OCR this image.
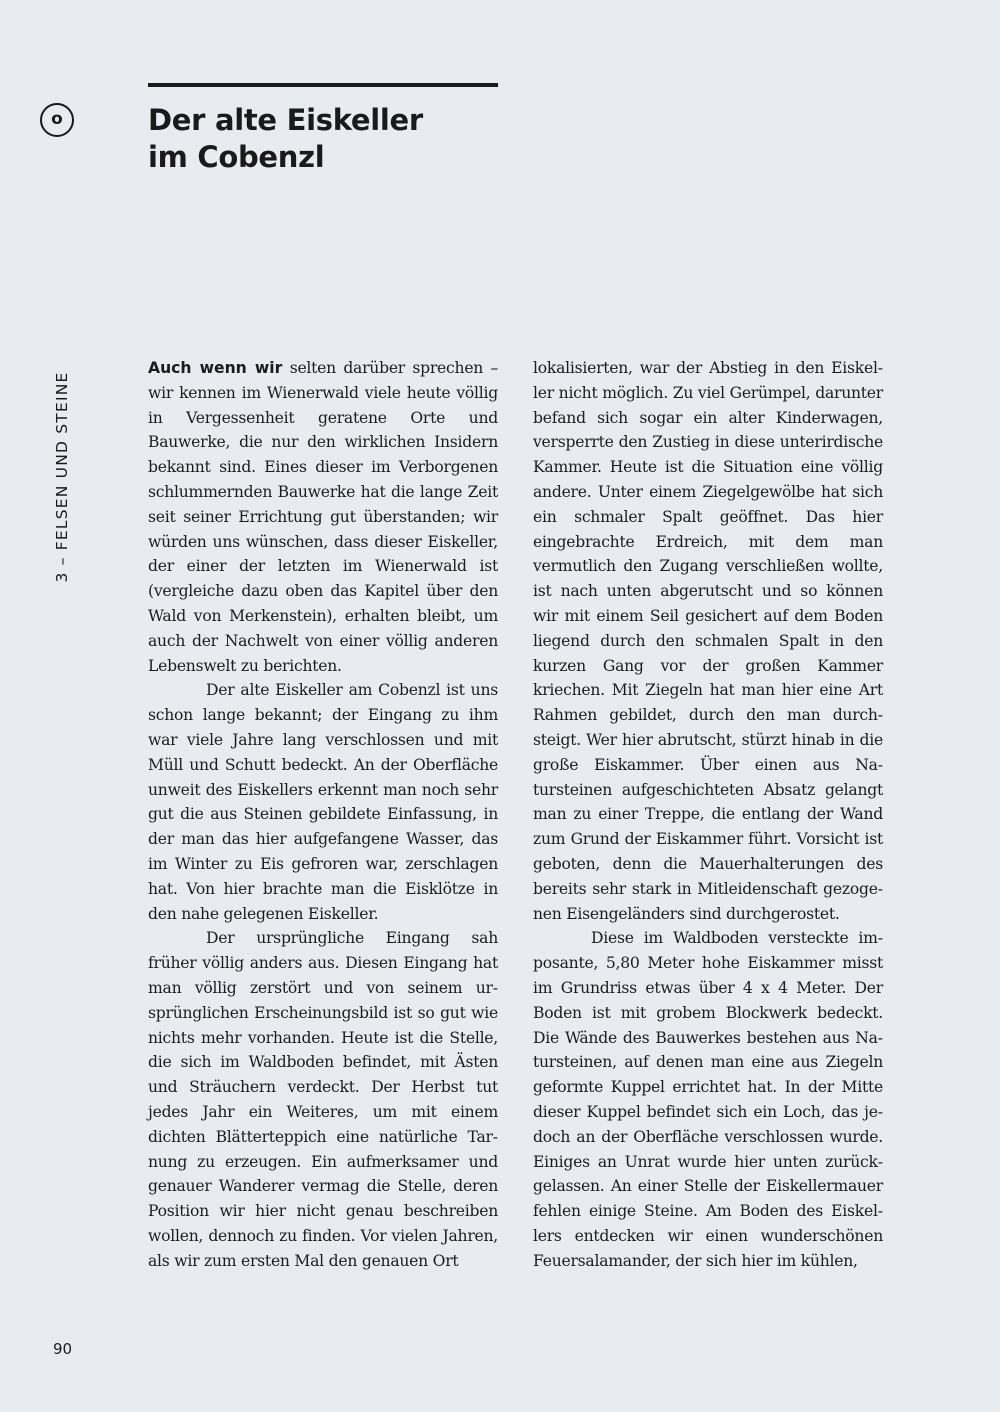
o	Der alte Eiskeller
im Cobenzl
3 – FELSEN UND STEINE

Auch wenn wir selten darüber sprechen – wir kennen im Wienerwald viele heute völlig in Vergessenheit geratene Orte und Bauwerke, die nur den wirklichen Insidern bekannt sind. Eines dieser im Verborgenen schlummernden Bauwerke hat die lange Zeit seit seiner Errichtung gut überstanden; wir würden uns wünschen, dass dieser Eiskeller, der einer der letzten im Wienerwald ist (vergleiche dazu oben das Kapitel über den Wald von Merkenstein), erhalten bleibt, um auch der Nachwelt von einer völlig anderen Lebenswelt zu berichten.

Der alte Eiskeller am Cobenzl ist uns schon lange bekannt; der Eingang zu ihm war viele Jahre lang verschlossen und mit Müll und Schutt bedeckt. An der Oberfläche unweit des Eiskellers erkennt man noch sehr gut die aus Steinen gebildete Einfassung, in der man das hier aufgefangene Wasser, das im Winter zu Eis gefroren war, zerschlagen hat. Von hier brachte man die Eisklötze in den nahe gelegenen Eiskeller.

Der ursprüngliche Eingang sah früher völlig anders aus. Diesen Eingang hat man völlig zerstört und von seinem ursprünglichen Erscheinungsbild ist so gut wie nichts mehr vorhanden. Heute ist die Stelle, die sich im Waldboden befindet, mit Ästen und Sträuchern verdeckt. Der Herbst tut jedes Jahr ein Weiteres, um mit einem dichten Blätterteppich eine natürliche Tarnung zu erzeugen. Ein aufmerksamer und genauer Wanderer vermag die Stelle, deren Position wir hier nicht genau beschreiben wollen, dennoch zu finden. Vor vielen Jahren, als wir zum ersten Mal den genauen Ort

lokalisierten, war der Abstieg in den Eiskeller nicht möglich. Zu viel Gerümpel, darunter befand sich sogar ein alter Kinderwagen, versperrte den Zustieg in diese unterirdische Kammer. Heute ist die Situation eine völlig andere. Unter einem Ziegelgewölbe hat sich ein schmaler Spalt geöffnet. Das hier eingebrachte Erdreich, mit dem man vermutlich den Zugang verschließen wollte, ist nach unten abgerutscht und so können wir mit einem Seil gesichert auf dem Boden liegend durch den schmalen Spalt in den kurzen Gang vor der großen Kammer kriechen. Mit Ziegeln hat man hier eine Art Rahmen gebildet, durch den man durchsteigt. Wer hier abrutscht, stürzt hinab in die große Eiskammer. Über einen aus Natursteinen aufgeschichteten Absatz gelangt man zu einer Treppe, die entlang der Wand zum Grund der Eiskammer führt. Vorsicht ist geboten, denn die Mauerhalterungen des bereits sehr stark in Mitleidenschaft gezogenen Eisengeländers sind durchgerostet.

Diese im Waldboden versteckte imposante, 5,80 Meter hohe Eiskammer misst im Grundriss etwas über 4 x 4 Meter. Der Boden ist mit grobem Blockwerk bedeckt. Die Wände des Bauwerkes bestehen aus Natursteinen, auf denen man eine aus Ziegeln geformte Kuppel errichtet hat. In der Mitte dieser Kuppel befindet sich ein Loch, das jedoch an der Oberfläche verschlossen wurde. Einiges an Unrat wurde hier unten zurückgelassen. An einer Stelle der Eiskellermauer fehlen einige Steine. Am Boden des Eiskellers entdecken wir einen wunderschönen Feuersalamander, der sich hier im kühlen,

90
